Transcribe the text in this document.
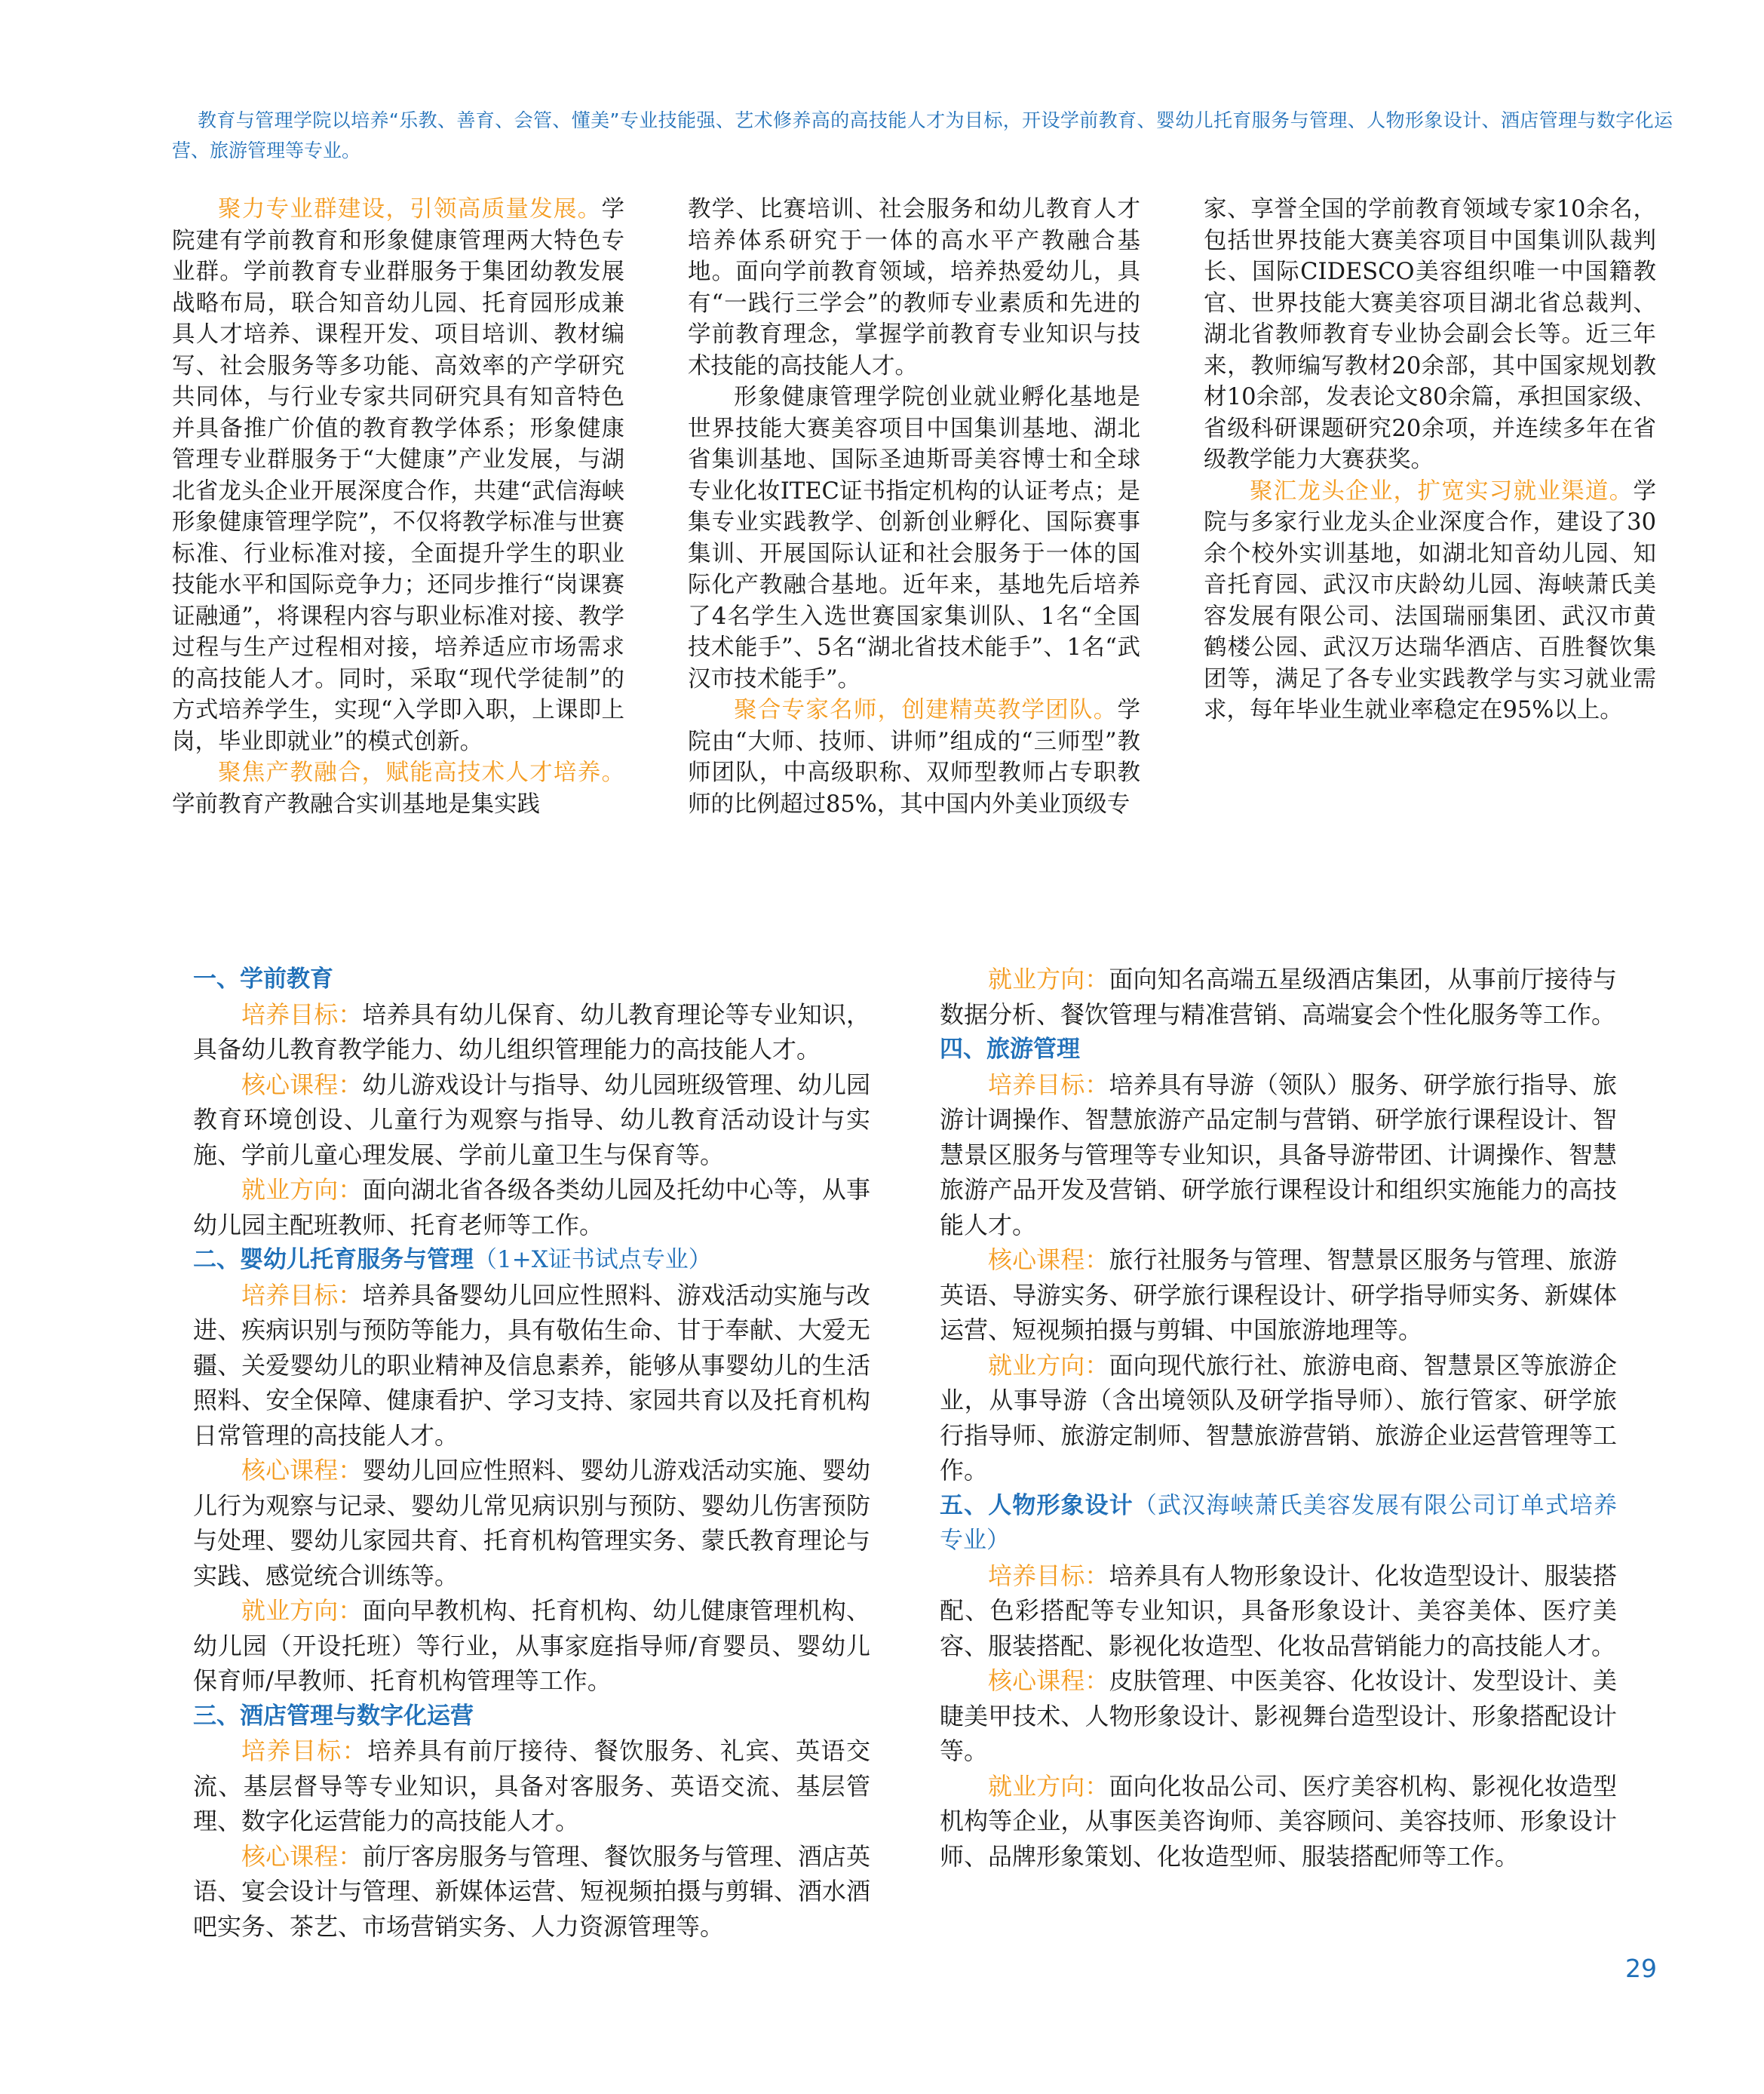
教育与管理学院以培养“乐教、善育、会管、懂美”专业技能强、艺术修养高的高技能人才为目标，开设学前教育、婴幼儿托育服务与管理、人物形象设计、酒店管理与数字化运营、旅游管理等专业。

聚力专业群建设，引领高质量发展。学院建有学前教育和形象健康管理两大特色专业群。学前教育专业群服务于集团幼教发展战略布局，联合知音幼儿园、托育园形成兼具人才培养、课程开发、项目培训、教材编写、社会服务等多功能、高效率的产学研究共同体，与行业专家共同研究具有知音特色并具备推广价值的教育教学体系；形象健康管理专业群服务于“大健康”产业发展，与湖北省龙头企业开展深度合作，共建“武信海峡形象健康管理学院”，不仅将教学标准与世赛标准、行业标准对接，全面提升学生的职业技能水平和国际竞争力；还同步推行“岗课赛证融通”，将课程内容与职业标准对接、教学过程与生产过程相对接，培养适应市场需求的高技能人才。同时，采取“现代学徒制”的方式培养学生，实现“入学即入职，上课即上岗，毕业即就业”的模式创新。

聚焦产教融合，赋能高技术人才培养。学前教育产教融合实训基地是集实践

教学、比赛培训、社会服务和幼儿教育人才培养体系研究于一体的高水平产教融合基地。面向学前教育领域，培养热爱幼儿，具有“一践行三学会”的教师专业素质和先进的学前教育理念，掌握学前教育专业知识与技术技能的高技能人才。

形象健康管理学院创业就业孵化基地是世界技能大赛美容项目中国集训基地、湖北省集训基地、国际圣迪斯哥美容博士和全球专业化妆ITEC证书指定机构的认证考点；是集专业实践教学、创新创业孵化、国际赛事集训、开展国际认证和社会服务于一体的国际化产教融合基地。近年来，基地先后培养了4名学生入选世赛国家集训队、1名“全国技术能手”、5名“湖北省技术能手”、1名“武汉市技术能手”。

聚合专家名师，创建精英教学团队。学院由“大师、技师、讲师”组成的“三师型”教师团队，中高级职称、双师型教师占专职教师的比例超过85%，其中国内外美业顶级专

家、享誉全国的学前教育领域专家10余名，包括世界技能大赛美容项目中国集训队裁判长、国际CIDESCO美容组织唯一中国籍教官、世界技能大赛美容项目湖北省总裁判、湖北省教师教育专业协会副会长等。近三年来，教师编写教材20余部，其中国家规划教材10余部，发表论文80余篇，承担国家级、省级科研课题研究20余项，并连续多年在省级教学能力大赛获奖。

聚汇龙头企业，扩宽实习就业渠道。学院与多家行业龙头企业深度合作，建设了30余个校外实训基地，如湖北知音幼儿园、知音托育园、武汉市庆龄幼儿园、海峡萧氏美容发展有限公司、法国瑞丽集团、武汉市黄鹤楼公园、武汉万达瑞华酒店、百胜餐饮集团等，满足了各专业实践教学与实习就业需求，每年毕业生就业率稳定在95%以上。

一、学前教育

培养目标：培养具有幼儿保育、幼儿教育理论等专业知识，具备幼儿教育教学能力、幼儿组织管理能力的高技能人才。

核心课程：幼儿游戏设计与指导、幼儿园班级管理、幼儿园教育环境创设、儿童行为观察与指导、幼儿教育活动设计与实施、学前儿童心理发展、学前儿童卫生与保育等。

就业方向：面向湖北省各级各类幼儿园及托幼中心等，从事幼儿园主配班教师、托育老师等工作。

二、婴幼儿托育服务与管理（1+X证书试点专业）

培养目标：培养具备婴幼儿回应性照料、游戏活动实施与改进、疾病识别与预防等能力，具有敬佑生命、甘于奉献、大爱无疆、关爱婴幼儿的职业精神及信息素养，能够从事婴幼儿的生活照料、安全保障、健康看护、学习支持、家园共育以及托育机构日常管理的高技能人才。

核心课程：婴幼儿回应性照料、婴幼儿游戏活动实施、婴幼儿行为观察与记录、婴幼儿常见病识别与预防、婴幼儿伤害预防与处理、婴幼儿家园共育、托育机构管理实务、蒙氏教育理论与实践、感觉统合训练等。

就业方向：面向早教机构、托育机构、幼儿健康管理机构、幼儿园（开设托班）等行业，从事家庭指导师/育婴员、婴幼儿保育师/早教师、托育机构管理等工作。

三、酒店管理与数字化运营

培养目标：培养具有前厅接待、餐饮服务、礼宾、英语交流、基层督导等专业知识，具备对客服务、英语交流、基层管理、数字化运营能力的高技能人才。

核心课程：前厅客房服务与管理、餐饮服务与管理、酒店英语、宴会设计与管理、新媒体运营、短视频拍摄与剪辑、酒水酒吧实务、茶艺、市场营销实务、人力资源管理等。

就业方向：面向知名高端五星级酒店集团，从事前厅接待与数据分析、餐饮管理与精准营销、高端宴会个性化服务等工作。

四、旅游管理

培养目标：培养具有导游（领队）服务、研学旅行指导、旅游计调操作、智慧旅游产品定制与营销、研学旅行课程设计、智慧景区服务与管理等专业知识，具备导游带团、计调操作、智慧旅游产品开发及营销、研学旅行课程设计和组织实施能力的高技能人才。

核心课程：旅行社服务与管理、智慧景区服务与管理、旅游英语、导游实务、研学旅行课程设计、研学指导师实务、新媒体运营、短视频拍摄与剪辑、中国旅游地理等。

就业方向：面向现代旅行社、旅游电商、智慧景区等旅游企业，从事导游（含出境领队及研学指导师）、旅行管家、研学旅行指导师、旅游定制师、智慧旅游营销、旅游企业运营管理等工作。

五、人物形象设计（武汉海峡萧氏美容发展有限公司订单式培养专业）

培养目标：培养具有人物形象设计、化妆造型设计、服装搭配、色彩搭配等专业知识，具备形象设计、美容美体、医疗美容、服装搭配、影视化妆造型、化妆品营销能力的高技能人才。

核心课程：皮肤管理、中医美容、化妆设计、发型设计、美睫美甲技术、人物形象设计、影视舞台造型设计、形象搭配设计等。

就业方向：面向化妆品公司、医疗美容机构、影视化妆造型机构等企业，从事医美咨询师、美容顾问、美容技师、形象设计师、品牌形象策划、化妆造型师、服装搭配师等工作。

29
